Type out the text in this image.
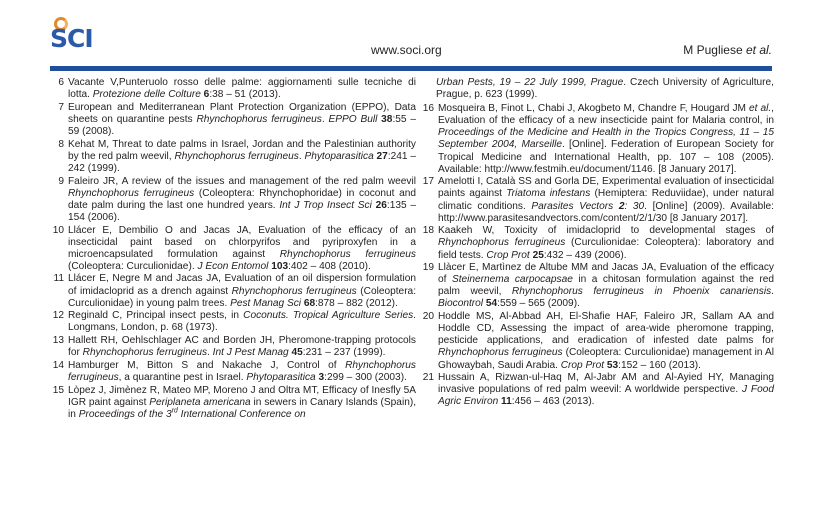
SCI	www.soci.org	M Pugliese et al.
6 Vacante V,Punteruolo rosso delle palme: aggiornamenti sulle tecniche di lotta. Protezione delle Colture 6:38 – 51 (2013).
7 European and Mediterranean Plant Protection Organization (EPPO), Data sheets on quarantine pests Rhynchophorus ferrugineus. EPPO Bull 38:55 – 59 (2008).
8 Kehat M, Threat to date palms in Israel, Jordan and the Palestinian authority by the red palm weevil, Rhynchophorus ferrugineus. Phytoparasitica 27:241 – 242 (1999).
9 Faleiro JR, A review of the issues and management of the red palm weevil Rhynchophorus ferrugineus (Coleoptera: Rhynchophoridae) in coconut and date palm during the last one hundred years. Int J Trop Insect Sci 26:135 – 154 (2006).
10 Llácer E, Dembilio O and Jacas JA, Evaluation of the efficacy of an insecticidal paint based on chlorpyrifos and pyriproxyfen in a microencapsulated formulation against Rhynchophorus ferrugineus (Coleoptera: Curculionidae). J Econ Entomol 103:402 – 408 (2010).
11 Llácer E, Negre M and Jacas JA, Evaluation of an oil dispersion formulation of imidacloprid as a drench against Rhynchophorus ferrugineus (Coleoptera: Curculionidae) in young palm trees. Pest Manag Sci 68:878 – 882 (2012).
12 Reginald C, Principal insect pests, in Coconuts. Tropical Agriculture Series. Longmans, London, p. 68 (1973).
13 Hallett RH, Oehlschlager AC and Borden JH, Pheromone-trapping protocols for Rhynchophorus ferrugineus. Int J Pest Manag 45:231 – 237 (1999).
14 Hamburger M, Bitton S and Nakache J, Control of Rhynchophorus ferrugineus, a quarantine pest in Israel. Phytoparasitica 3:299 – 300 (2003).
15 Lòpez J, Jimènez R, Mateo MP, Moreno J and Oltra MT, Efficacy of Inesfly 5A IGR paint against Periplaneta americana in sewers in Canary Islands (Spain), in Proceedings of the 3rd International Conference on
Urban Pests, 19 – 22 July 1999, Prague. Czech University of Agriculture, Prague, p. 623 (1999).
16 Mosqueira B, Finot L, Chabi J, Akogbeto M, Chandre F, Hougard JM et al., Evaluation of the efficacy of a new insecticide paint for Malaria control, in Proceedings of the Medicine and Health in the Tropics Congress, 11 – 15 September 2004, Marseille. [Online]. Federation of European Society for Tropical Medicine and International Health, pp. 107 – 108 (2005). Available: http://www.festmih.eu/document/1146. [8 January 2017].
17 Amelotti I, Català SS and Gorla DE, Experimental evaluation of insecticidal paints against Triatoma infestans (Hemiptera: Reduviidae), under natural climatic conditions. Parasites Vectors 2: 30. [Online] (2009). Available: http://www.parasitesandvectors.com/content/2/1/30 [8 January 2017].
18 Kaakeh W, Toxicity of imidacloprid to developmental stages of Rhynchophorus ferrugineus (Curculionidae: Coleoptera): laboratory and field tests. Crop Prot 25:432 – 439 (2006).
19 Llàcer E, Martìnez de Altube MM and Jacas JA, Evaluation of the efficacy of Steinernema carpocapsae in a chitosan formulation against the red palm weevil, Rhynchophorus ferrugineus in Phoenix canariensis. Biocontrol 54:559 – 565 (2009).
20 Hoddle MS, Al-Abbad AH, El-Shafie HAF, Faleiro JR, Sallam AA and Hoddle CD, Assessing the impact of area-wide pheromone trapping, pesticide applications, and eradication of infested date palms for Rhynchophorus ferrugineus (Coleoptera: Curculionidae) management in Al Ghowaybah, Saudi Arabia. Crop Prot 53:152 – 160 (2013).
21 Hussain A, Rizwan-ul-Haq M, Al-Jabr AM and Al-Ayied HY, Managing invasive populations of red palm weevil: A worldwide perspective. J Food Agric Environ 11:456 – 463 (2013).
